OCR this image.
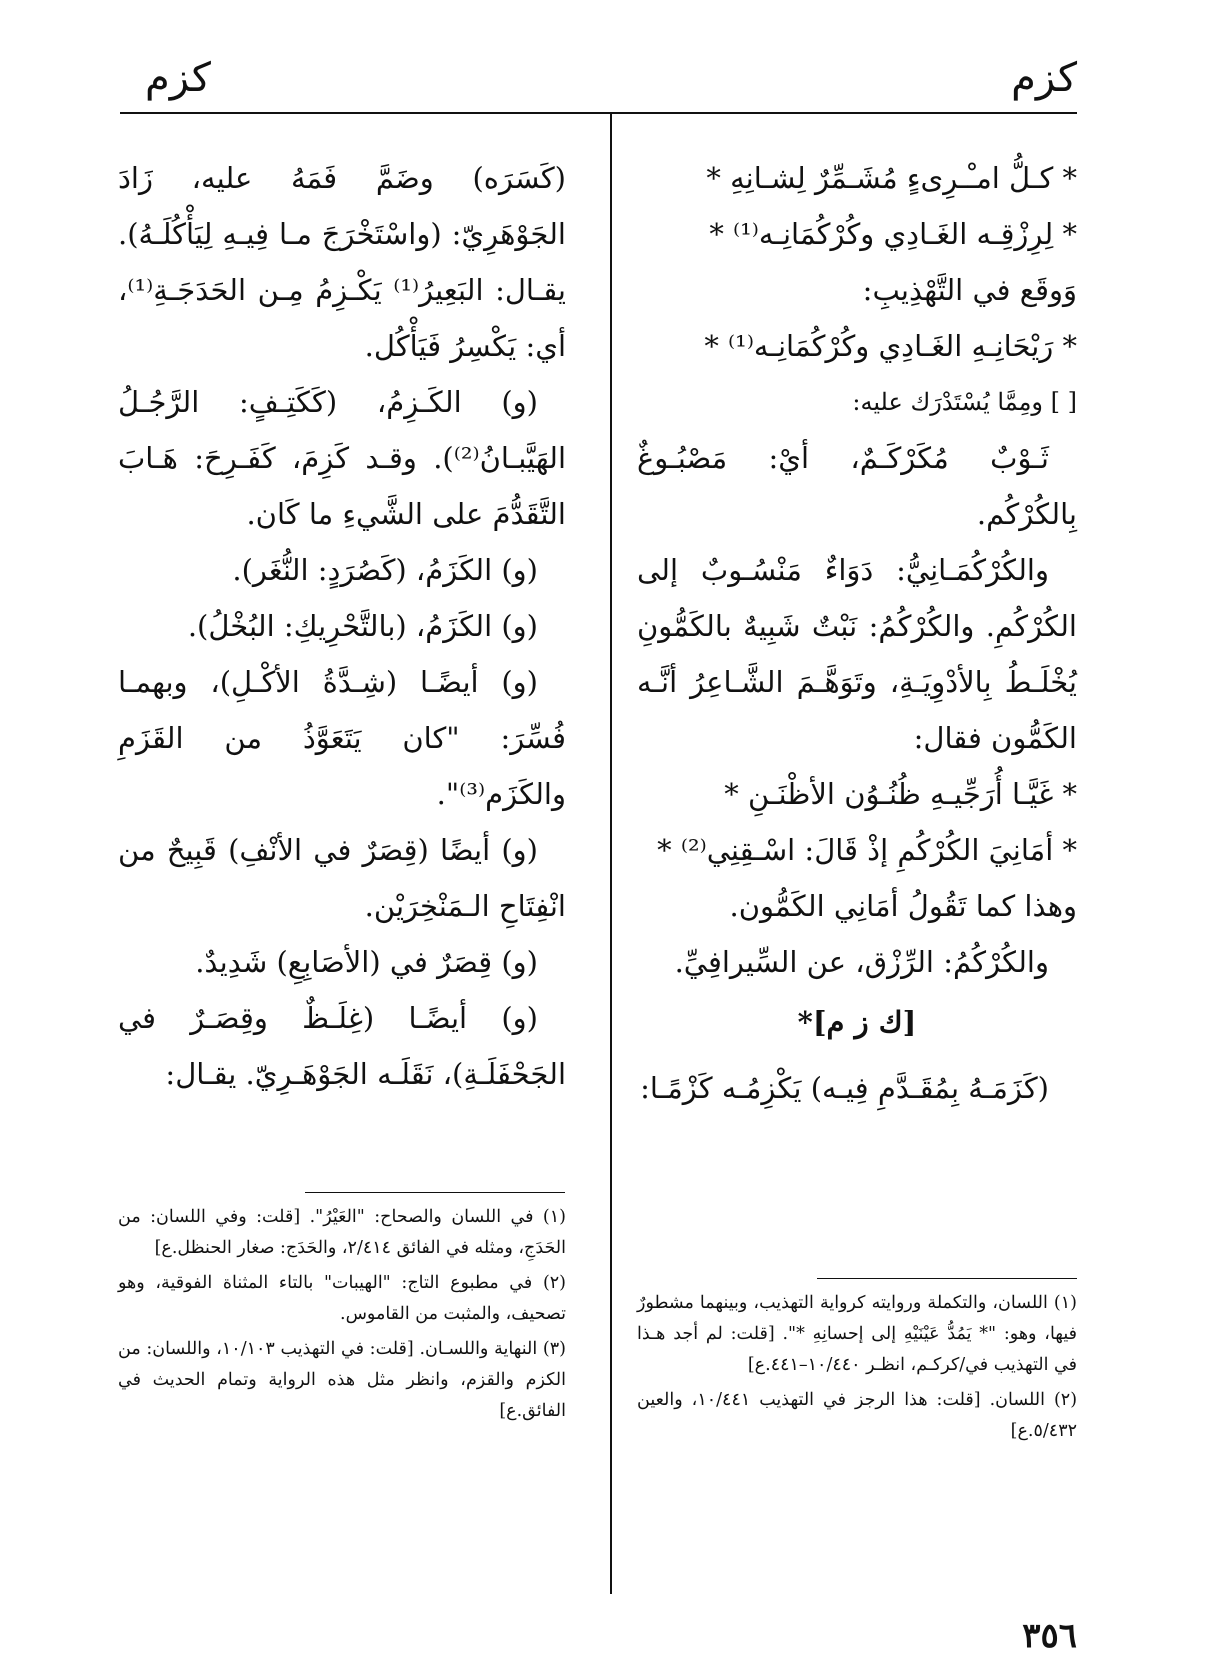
كزم
كزم

* كـلُّ امـْـرِىءٍ مُشَـمِّرٌ لِشـانِهِ *

* لِرِزْقِـه الغَـادِي وكُرْكُمَانِـه⁽¹⁾ *

وَوقَع في التَّهْذِيبِ:

* رَيْحَانِـهِ الغَـادِي وكُرْكُمَانِـه⁽¹⁾ *

[ ] ومِمَّا يُسْتَدْرَك عليه:

ثَـوْبٌ مُكَرْكَـمٌ، أيْ: مَصْبُـوغٌ بِالكُرْكُم.

والكُرْكُمَـانِيُّ: دَوَاءٌ مَنْسُـوبٌ إلى الكُرْكُمِ. والكُرْكُمُ: نَبْتٌ شَبِيهٌ بالكَمُّونِ يُخْلَـطُ بِالأدْوِيَـةِ، وتَوَهَّـمَ الشَّـاعِرُ أنَّـه الكَمُّون فقال:

* غَيَّـا أُرَجِّيـهِ ظُنُـوُن الأظْنَـنِ *

* أمَانِيَ الكُرْكُمِ إذْ قَالَ: اسْـقِنِي⁽²⁾ *

وهذا كما تَقُولُ أمَانِي الكَمُّون.

والكُرْكُمُ: الرِّزْق، عن السِّيرافِيِّ.

[ك ز م]*

(كَزَمَـهُ بِمُقَـدَّمِ فِيـه) يَكْزِمُـه كَزْمًـا:

(كَسَرَه) وضَمَّ فَمَهُ عليه، زَادَ الجَوْهَرِيّ: (واسْتَخْرَجَ مـا فِيـهِ لِيَأْكُلَـهُ). يقـال: البَعِيرُ⁽¹⁾ يَكْـزِمُ مِـن الحَدَجَـةِ⁽¹⁾، أي: يَكْسِرُ فَيَأْكُل.

(و) الكَـزِمُ، (كَكَتِـفٍ: الرَّجُـلُ الهَيَّبـانُ⁽²⁾). وقـد كَزِمَ، كَفَـرِحَ: هَـابَ التَّقَدُّمَ على الشَّيءِ ما كَان.

(و) الكَزَمُ، (كَصُرَدٍ: النُّغَر).

(و) الكَزَمُ، (بالتَّحْرِيكِ: البُخْلُ).

(و) أيضًـا (شِـدَّةُ الأكْـلِ)، وبهمـا فُسِّرَ: "كان يَتَعَوَّذُ من القَزَمِ والكَزَم⁽³⁾".

(و) أيضًا (قِصَرٌ في الأنْفِ) قَبِيحٌ من انْفِتَاحِ الـمَنْخِرَيْن.

(و) قِصَرٌ في (الأصَابِعِ) شَدِيدٌ.

(و) أيضًـا (غِلَـظٌ وقِصَـرٌ في الجَحْفَلَـةِ)، نَقَلَـه الجَوْهَـرِيّ. يقـال:

(١) اللسان، والتكملة وروايته كرواية التهذيب، وبينهما مشطورٌ فيها، وهو: "* يَمُدُّ عَيْنَيْهِ إلى إحسانِهِ *". [قلت: لم أجد هـذا في التهذيب في/كركـم، انظـر ١٠/٤٤٠–٤٤١.ع]

(٢) اللسان. [قلت: هذا الرجز في التهذيب ١٠/٤٤١، والعين ٥/٤٣٢.ع]

(١) في اللسان والصحاح: "العَيْرُ". [قلت: وفي اللسان: من الحَدَجِ، ومثله في الفائق ٢/٤١٤، والحَدَج: صغار الحنظل.ع]

(٢) في مطبوع التاج: "الهيبات" بالتاء المثناة الفوقية، وهو تصحيف، والمثبت من القاموس.

(٣) النهاية واللسـان. [قلت: في التهذيب ١٠/١٠٣، واللسان: من الكزم والقزم، وانظر مثل هذه الرواية وتمام الحديث في الفائق.ع]

٣٥٦
